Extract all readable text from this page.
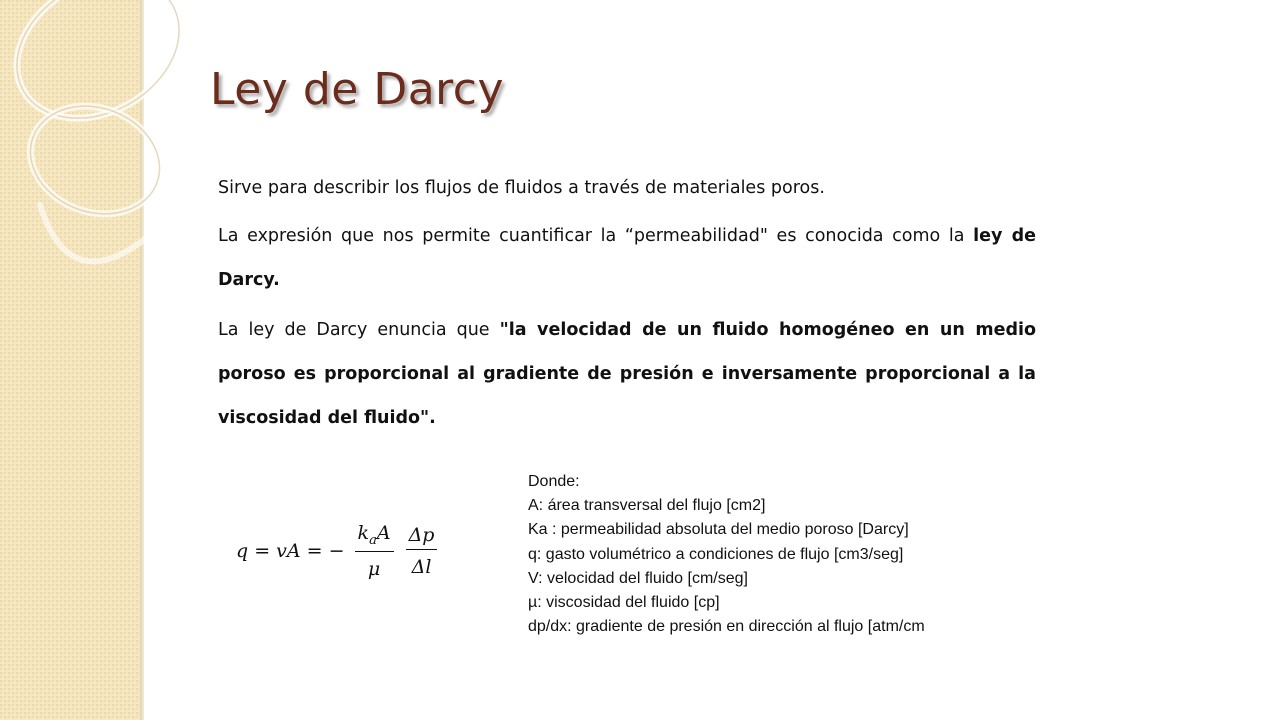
Ley de Darcy

Sirve para describir los flujos de fluidos a través de materiales poros.

La expresión que nos permite cuantificar la “permeabilidad" es conocida como la ley de Darcy.

La ley de Darcy enuncia que "la velocidad de un fluido homogéneo en un medio poroso es proporcional al gradiente de presión e inversamente proporcional a la viscosidad del fluido".

q = vA = − $\frac{k_aA}{\mu} \frac{\Delta p}{\Delta l}$
Donde:
A: área transversal del flujo [cm2]
Ka : permeabilidad absoluta del medio poroso [Darcy]
q: gasto volumétrico a condiciones de flujo [cm3/seg]
V: velocidad del fluido [cm/seg]
µ: viscosidad del fluido [cp]
dp/dx: gradiente de presión en dirección al flujo [atm/cm
